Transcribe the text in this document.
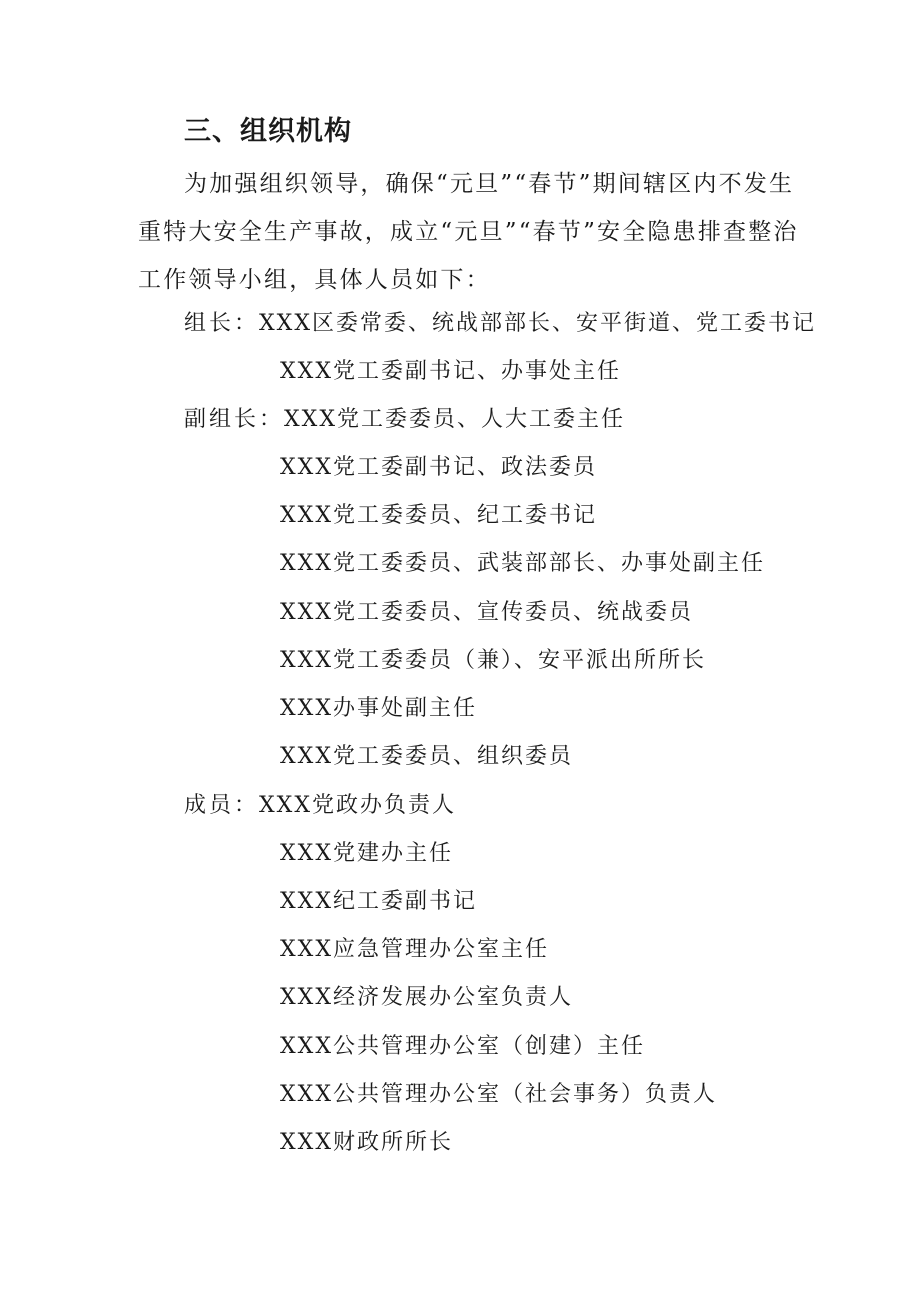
三、组织机构
为加强组织领导，确保“元旦”“春节”期间辖区内不发生
重特大安全生产事故，成立“元旦”“春节”安全隐患排查整治
工作领导小组，具体人员如下：
组长：XXX区委常委、统战部部长、安平街道、党工委书记
XXX党工委副书记、办事处主任
副组长：XXX党工委委员、人大工委主任
XXX党工委副书记、政法委员
XXX党工委委员、纪工委书记
XXX党工委委员、武装部部长、办事处副主任
XXX党工委委员、宣传委员、统战委员
XXX党工委委员（兼）、安平派出所所长
XXX办事处副主任
XXX党工委委员、组织委员
成员：XXX党政办负责人
XXX党建办主任
XXX纪工委副书记
XXX应急管理办公室主任
XXX经济发展办公室负责人
XXX公共管理办公室（创建）主任
XXX公共管理办公室（社会事务）负责人
XXX财政所所长
